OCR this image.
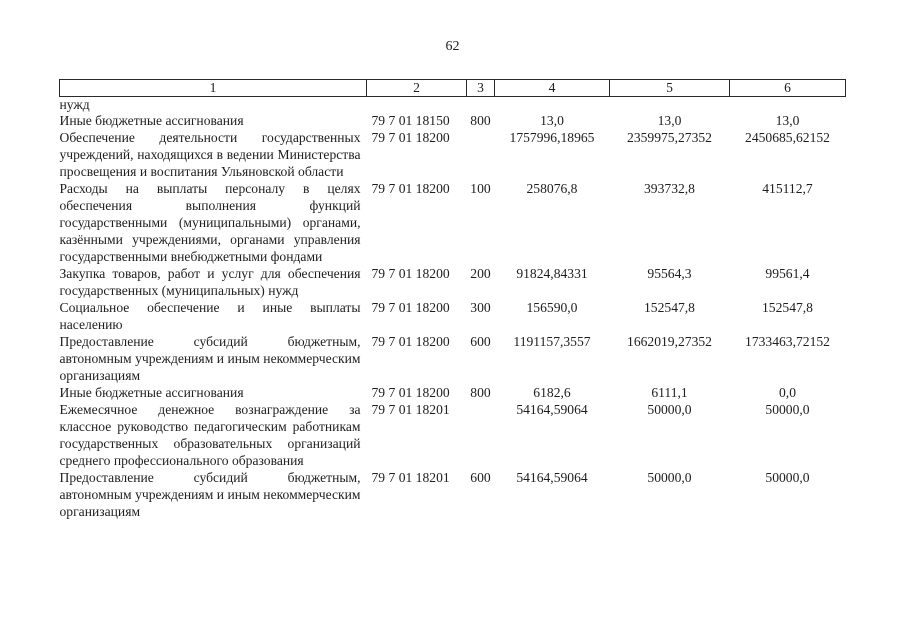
62
1	2	3	4	5	6
нужд					
Иные бюджетные ассигнования	79 7 01 18150	800	13,0	13,0	13,0
Обеспечение деятельности государственных учреждений, находящихся в ведении Министерства просвещения и воспитания Ульяновской области	79 7 01 18200		1757996,18965	2359975,27352	2450685,62152
Расходы на выплаты персоналу в целях обеспечения выполнения функций государственными (муниципальными) органами, казёнными учреждениями, органами управления государственными внебюджетными фондами	79 7 01 18200	100	258076,8	393732,8	415112,7
Закупка товаров, работ и услуг для обеспечения государственных (муниципальных) нужд	79 7 01 18200	200	91824,84331	95564,3	99561,4
Социальное обеспечение и иные выплаты населению	79 7 01 18200	300	156590,0	152547,8	152547,8
Предоставление субсидий бюджетным, автономным учреждениям и иным некоммерческим организациям	79 7 01 18200	600	1191157,3557	1662019,27352	1733463,72152
Иные бюджетные ассигнования	79 7 01 18200	800	6182,6	6111,1	0,0
Ежемесячное денежное вознаграждение за классное руководство педагогическим работникам государственных образовательных организаций среднего профессионального образования	79 7 01 18201		54164,59064	50000,0	50000,0
Предоставление субсидий бюджетным, автономным учреждениям и иным некоммерческим организациям	79 7 01 18201	600	54164,59064	50000,0	50000,0
